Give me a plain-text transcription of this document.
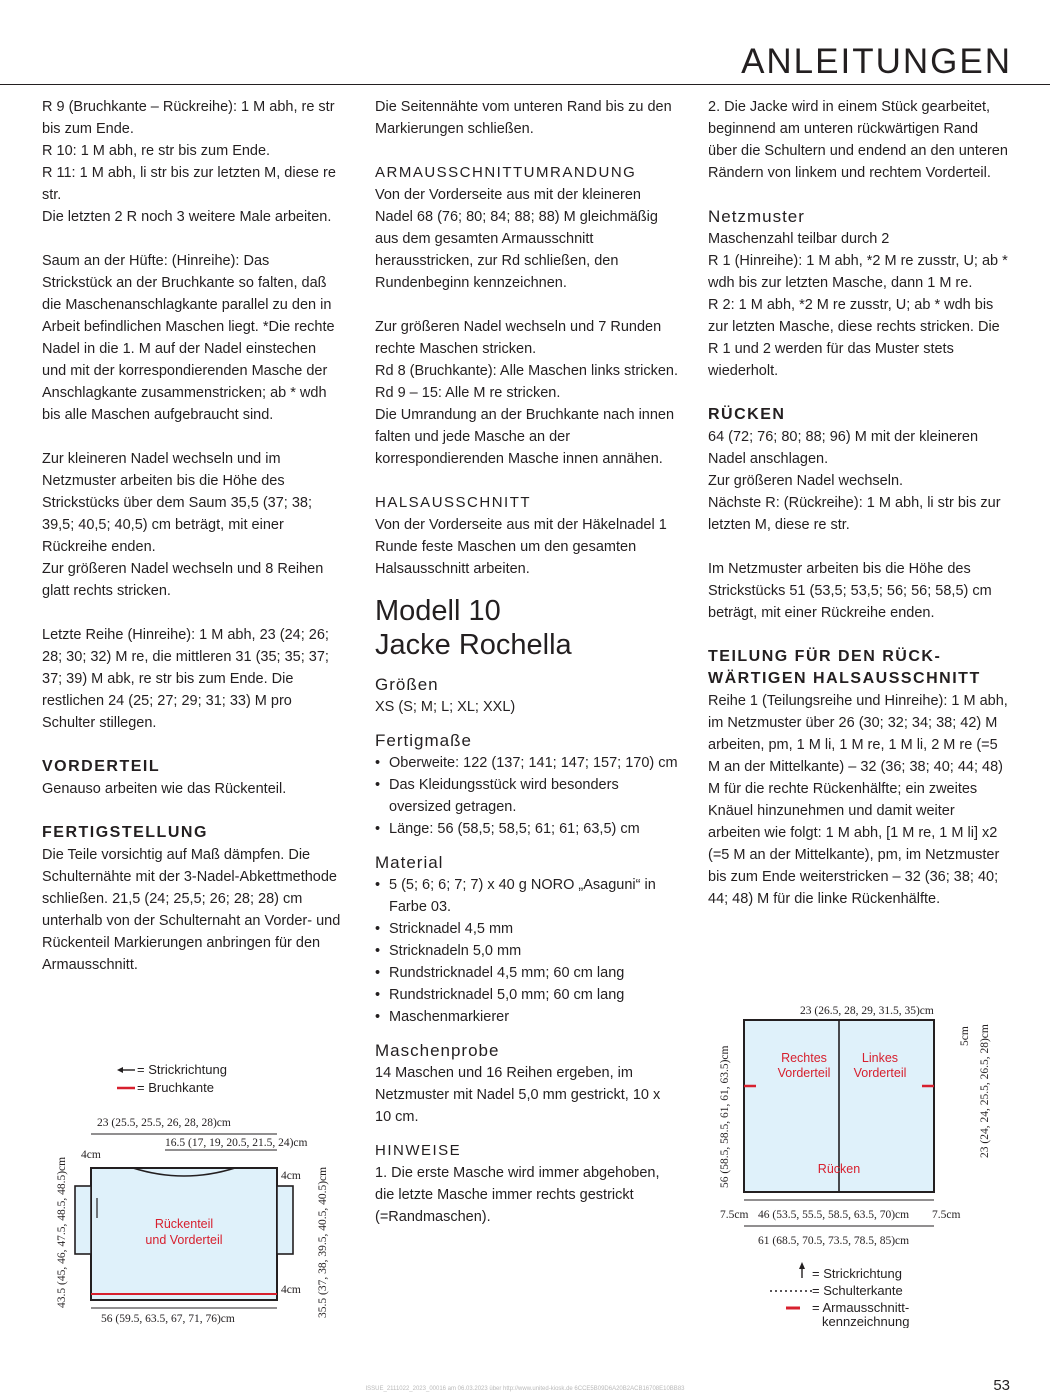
ANLEITUNGEN

R 9 (Bruchkante – Rückreihe): 1 M abh, re str bis zum Ende.

R 10: 1 M abh, re str bis zum Ende.

R 11: 1 M abh, li str bis zur letzten M, diese re str.

Die letzten 2 R noch 3 weitere Male arbeiten.

Saum an der Hüfte: (Hinreihe): Das Strickstück an der Bruchkante so falten, daß die Maschenanschlagkante parallel zu den in Arbeit befindlichen Maschen liegt. *Die rechte Nadel in die 1. M auf der Nadel einstechen und mit der korrespondierenden Masche der Anschlagkante zusammenstricken; ab * wdh bis alle Maschen aufgebraucht sind.

Zur kleineren Nadel wechseln und im Netzmuster arbeiten bis die Höhe des Strickstücks über dem Saum 35,5 (37; 38; 39,5; 40,5; 40,5) cm beträgt, mit einer Rückreihe enden.

Zur größeren Nadel wechseln und 8 Reihen glatt rechts stricken.

Letzte Reihe (Hinreihe): 1 M abh, 23 (24; 26; 28; 30; 32) M re, die mittleren 31 (35; 35; 37; 37; 39) M abk, re str bis zum Ende. Die restlichen 24 (25; 27; 29; 31; 33) M pro Schulter stillegen.

VORDERTEIL

Genauso arbeiten wie das Rückenteil.

FERTIGSTELLUNG

Die Teile vorsichtig auf Maß dämpfen. Die Schulternähte mit der 3-Nadel-Abkettmethode schließen. 21,5 (24; 25,5; 26; 28; 28) cm unterhalb von der Schulternaht an Vorder- und Rückenteil Markierungen anbringen für den Armausschnitt.

Die Seitennähte vom unteren Rand bis zu den Markierungen schließen.

ARMAUSSCHNITTUMRANDUNG

Von der Vorderseite aus mit der kleineren Nadel 68 (76; 80; 84; 88; 88) M gleichmäßig aus dem gesamten Armausschnitt herausstricken, zur Rd schließen, den Rundenbeginn kennzeichnen.

Zur größeren Nadel wechseln und 7 Runden rechte Maschen stricken.

Rd 8 (Bruchkante): Alle Maschen links stricken.

Rd 9 – 15: Alle M re stricken.

Die Umrandung an der Bruchkante nach innen falten und jede Masche an der korrespondierenden Masche innen annähen.

HALSAUSSCHNITT

Von der Vorderseite aus mit der Häkelnadel 1 Runde feste Maschen um den gesamten Halsausschnitt arbeiten.

Modell 10
Jacke Rochella

Größen

XS (S; M; L; XL; XXL)

Fertigmaße

• Oberweite: 122 (137; 141; 147; 157; 170) cm
• Das Kleidungsstück wird besonders oversized getragen.
• Länge: 56 (58,5; 58,5; 61; 61; 63,5) cm

Material

• 5 (5; 6; 6; 7; 7) x 40 g NORO „Asaguni“ in Farbe 03.
• Stricknadel 4,5 mm
• Stricknadeln 5,0 mm
• Rundstricknadel 4,5 mm; 60 cm lang
• Rundstricknadel 5,0 mm; 60 cm lang
• Maschenmarkierer

Maschenprobe

14 Maschen und 16 Reihen ergeben, im Netzmuster mit Nadel 5,0 mm gestrickt, 10 x 10 cm.

HINWEISE

1. Die erste Masche wird immer abgehoben, die letzte Masche immer rechts gestrickt (=Randmaschen).

2. Die Jacke wird in einem Stück gearbeitet, beginnend am unteren rückwärtigen Rand über die Schultern und endend an den unteren Rändern von linkem und rechtem Vorderteil.

Netzmuster

Maschenzahl teilbar durch 2

R 1 (Hinreihe): 1 M abh, *2 M re zusstr, U; ab * wdh bis zur letzten Masche, dann 1 M re.

R 2: 1 M abh, *2 M re zusstr, U; ab * wdh bis zur letzten Masche, diese rechts stricken. Die R 1 und 2 werden für das Muster stets wiederholt.

RÜCKEN

64 (72; 76; 80; 88; 96) M mit der kleineren Nadel anschlagen.

Zur größeren Nadel wechseln.

Nächste R: (Rückreihe): 1 M abh, li str bis zur letzten M, diese re str.

Im Netzmuster arbeiten bis die Höhe des Strickstücks 51 (53,5; 53,5; 56; 56; 58,5) cm beträgt, mit einer Rückreihe enden.

TEILUNG FÜR DEN RÜCK-WÄRTIGEN HALSAUSSCHNITT

Reihe 1 (Teilungsreihe und Hinreihe): 1 M abh, im Netzmuster über 26 (30; 32; 34; 38; 42) M arbeiten, pm, 1 M li, 1 M re, 1 M li, 2 M re (=5 M an der Mittelkante) – 32 (36; 38; 40; 44; 48) M für die rechte Rückenhälfte; ein zweites Knäuel hinzunehmen und damit weiter arbeiten wie folgt: 1 M abh, [1 M re, 1 M li] x2 (=5 M an der Mittelkante), pm, im Netzmuster bis zum Ende weiterstricken – 32 (36; 38; 40; 44; 48) M für die linke Rückenhälfte.

= Strickrichtung
= Bruchkante
23 (25.5, 25.5, 26, 28, 28)cm
16.5 (17, 19, 20.5, 21.5, 24)cm
4cm
4cm
4cm
Rückenteil
und Vorderteil
43.5 (45, 46, 47.5, 48.5, 48.5)cm	35.5 (37, 38, 39.5, 40.5, 40.5)cm
56 (59.5, 63.5, 67, 71, 76)cm
23 (26.5, 28, 29, 31.5, 35)cm
5cm 23 (24, 24, 25.5, 26.5, 28)cm
56 (58.5, 58.5, 61, 61, 63.5)cm	Rechtes
Vorderteil
Linkes
Vorderteil
Rücken
7.5cm 46 (53.5, 55.5, 58.5, 63.5, 70)cm 7.5cm
61 (68.5, 70.5, 73.5, 78.5, 85)cm
= Strickrichtung
= Schulterkante
= Armausschnitt-
kennzeichnung
53
ISSUE_2111022_2023_00016 am 06.03.2023 über http://www.united-kiosk.de 6CCE5B09D6A20B2ACB16708E10BB83
